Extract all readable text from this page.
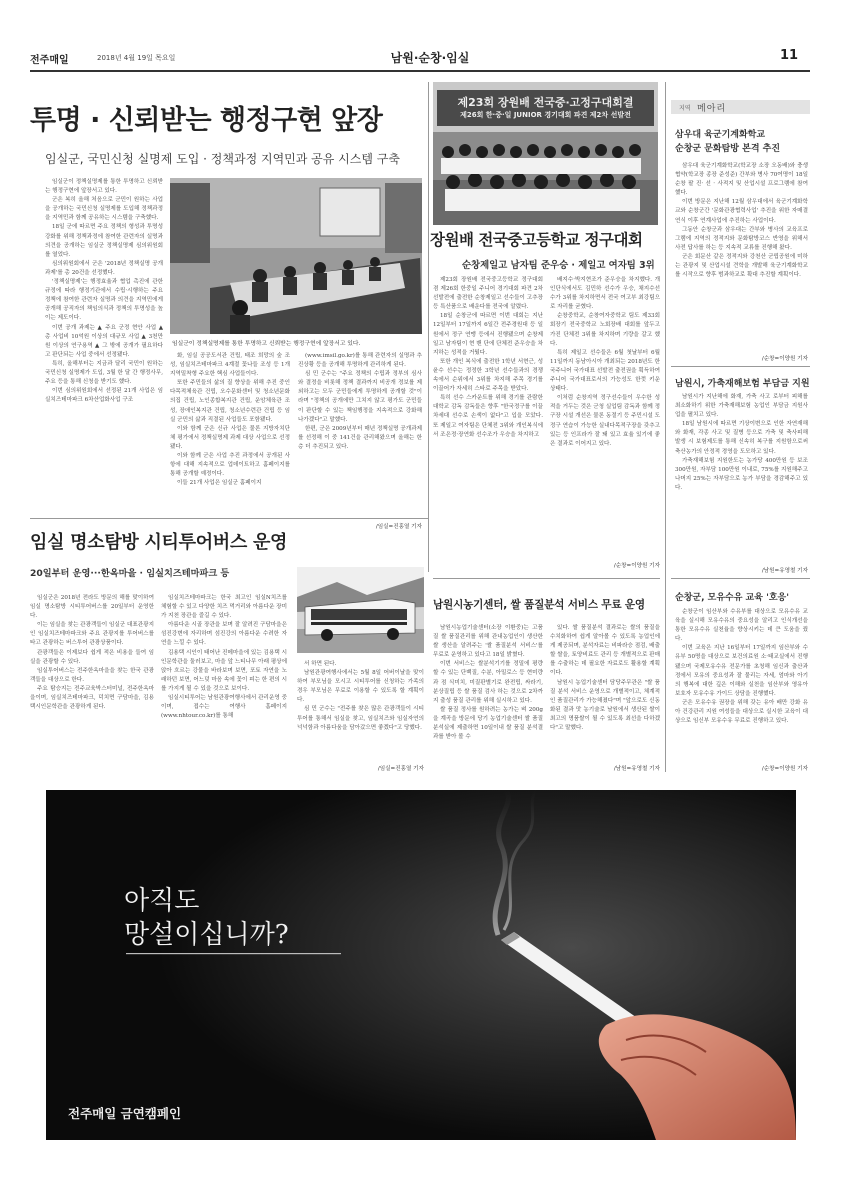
전주매일	2018년 4월 19일 목요일	남원·순창·임실	11
투명 · 신뢰받는 행정구현 앞장
임실군, 국민신청 실명제 도입 · 정책과정 지역민과 공유 시스템 구축

임실군이 정책실명제를 통한 투명하고 신뢰받는 행정구현에 앞장서고 있다.

군은 복히 올해 처음으로 군민이 원하는 사업을 공개하는 국민신청 실명제를 도입해 정책과정을 지역민과 함께 공유하는 시스템을 구축했다.

18일 군에 따르면 주요 정책의 형성과 투명성 강화를 위해 정책과정에 참여한 관련자의 실명과 의견을 공개하는 임실군 정책실명제 심의위원회를 열었다.

심의위원회에서 군은 '2018년 정책실명 공개과제'를 총 20건을 선정했다.

'정책실명제'는 행정효율과 협업 촉진에 관한 규정에 따라 행정기관에서 수립·시행하는 주요 정책에 참여한 관련자 실명과 의견을 지역민에게 공개해 공직자의 책임의식과 정책의 투명성을 높이는 제도이다.

이번 공개 과제는 ▲ 주요 군정 현안 사업 ▲ 총 사업비 10억원 이상의 대규모 사업 ▲ 3천만원 이상의 연구용역 ▲ 그 밖에 공개가 필요하다고 판단되는 사업 중에서 선정됐다.

특히, 올해부터는 지금과 달리 국민이 원하는 국민신청 실명제가 도입, 3월 한 달 간 행정사무, 주요 등을 통해 신청을 받기도 했다.

이번 심의위원회에서 선정된 21개 사업은 임실치즈테마파크 6차산업화사업 구조

임실군이 정책실명제를 통한 투명하고 신뢰받는 행정구현에 앞장서고 있다.

화, 임실 공공도서관 건립, 태조 희망의 숲 조성, 임실치즈테마파크 4계절 꽃나들 조성 등 1개 지역밀착형 주요한 핵심 사업들이다.

또한 주민들의 삶의 질 향상을 위해 추진 중인 다목적체육관 건립, 오수문화센터 및 청소년문화의집 건립, 노인종합복지관 건립, 운암체육관 조성, 장애인복지관 건립, 청소년수련관 건립 등 임실 군민의 삶과 직결된 사업들도 포함됐다.

이와 함께 군은 신규 사업은 물론 지방자치단체 평가에서 정책실명제 과제 대상 사업으로 선정됐다.

이와 함께 군은 사업 추진 과정에서 공개된 사항에 대해 지속적으로 업데이트하고 홈페이지를 통해 공개할 예정이다.

이들 21개 사업은 임실군 홈페이지

(www.imsil.go.kr)를 통해 관련자의 실명과 추진상황 등을 공개해 투명하게 관리하게 된다.

심 민 군수는 "주요 정책의 수립과 정부의 심사와 결정을 비롯해 정책 결과까지 비공개 정보를 제외하고는 모두 군민들에게 투명하게 공개할 것"이라며 "정책의 공개에만 그치지 않고 평가도 군민들이 판단할 수 있는 책임행정을 지속적으로 강화해 나가겠다"고 말했다.

한편, 군은 2009년부터 매년 정책실명 공개과제를 선정해 이 중 141건을 관리해왔으며 올해는 한층 더 추진되고 있다.

/임실=진홍열 기자
제23회 장원배 전국중·고정구대회결
제26회 한·중·일 JUNIOR 경기대회 파견 제2차 선발전
장원배 전국중고등학교 정구대회
순창제일고 남자팀 준우승 · 제일고 여자팀 3위

제23회 장원배 전국중고등학교 정구대회 겸 제26회 한중일 주니어 경기대회 파견 2차 선발전에 출전한 순창제일고 선수들이 고추장 등 특산품으로 배운다를 전국에 알렸다.

18일 순창군에 따르면 이번 대회는 지난 12일부터 17일까지 6일간 전주경원대 등 일원에서 정구 연맹 등에서 진행됐으며 순창제일고 남자팀이 현 밴 단에 단체전 준우승을 차지하는 성적을 거뒀다.

또한 개인 복식에 출전한 1학년 서현근, 성윤수 선수는 정정한 3학년 선수들과의 경쟁 속에서 순위에서 3위를 차지해 주목 경기를 이끌어가 자세히 스타로 주목을 받았다.

특히 선수 스카운트를 위해 경기를 관람한 대학교 감독 감독들은 향후 "한국정구를 이끌 차세대 선수로 손색이 없다"고 입을 모았다. 또 제일고 여자팀은 단체전 3위와 개인복식에서 조은정·장연화 선수조가 우승을 차지하고

배지수·박지현조가 준우승을 차지했다. 개인단식에서도 김민하 선수가 우승, 채지수선수가 3위를 차지하면서 전국 여고부 최강팀으로 자리를 굳혔다.

순창중학교, 순창여자중학교 팀도 제33회 회장기 전국중학교 노회장배 대회를 앞두고 가진 단체전 3위를 차지하며 기량을 갈고 했다.

특히 제일고 선수들은 6월 첫날부터 6월 11일까지 동남아시아 개최되는 2018년도 한국주니어 국가대표 선발전 출전권을 획득하여 주니어 국가대표로서의 가능성도 한껏 키운 상태다.

이처럼 순창지역 정구선수들이 우수한 성적을 거두는 것은 군청 실업팀 감독과 함께 정구장 시설 개선은 물론 동절기 등 주민시설 도 정구 연습이 가능한 실내다목적구장을 갖추고 있는 등 인프라가 잘 돼 있고 효율 있기에 좋은 결과로 이어지고 있다.

/순창=이양원 기자
지역 메아리
삼우대 육군기계화학교
순창군 문화탐방 본격 추진

삼우대 육군기계화학교(학교장 소장 오동배)와 충생협약(학교장 종장 준성준) 간부와 병사 70여명이 18일 순창 팔 진· 선 · 사적지 및 산업시설 프로그램에 참여했다.

이번 방문은 지난해 12월 삼우대에서 육군기계화학교와 순창군간 '문화관광협력사업' 추진을 위한 자매결연식 이후 연계사업에 추진하는 사업이다.

그동안 순창군과 삼우대는 간부와 병사의 교육프로그램에 지역의 정적지와 문화탐방코스 반영을 위해서 사전 답사를 하는 등 지속적 교류를 진행해 왔다.

군은 회문산 같은 정적지와 강천산 군립공원에 미하는 관광지 및 산업시설 견학을 개발해 육군기계화학교를 시작으로 향후 범과하교로 확대 추진할 계획이다.

/순창=이양원 기자
남원시, 가축재해보험 부담금 지원

남원시가 지난해에 화재, 가축 사고 로부터 피해를 최소화하기 위한 가축재해보험 농업인 부담금 지원사업을 펼치고 있다.

18일 남원시에 따르면 기상이변으로 인한 자연재해와 화재, 각종 사고 및 질병 등으로 가축 및 축사피해 발생 시 보험제도를 통해 신속히 복구를 지원함으로써 축산농가의 안정적 경영을 도모하고 있다.

가축재해보험 지원한도는 농가당 400만원 등 보조 300만원, 자부담 100만원 이내로, 75%를 지원해주고 나머지 25%는 자부담으로 농가 부담을 경감해주고 있다.

/남원=유영철 기자
순창군, 모유수유 교육 '호응'

순창군이 임산부와 수유부를 대상으로 모유수유 교육을 실시해 모유수유의 중요성을 알리고 인식개선을 통한 모유수유 실천율을 향상시키는 데 큰 도움을 줬다.

이번 교육은 지난 16일부터 17일까지 임산부와 수유부 50명을 대상으로 보건의료원 소·태교실에서 진행됐으며 국제모유수유 전문가를 초청해 임신과 출산과정에서 모유의 중요성과 잘 물리는 자세, 엄마와 아기의 행복에 대한 깊은 이해와 실천을 임산부와 영유아 보호자 모유수유 가이드 상담을 진행했다.

군은 모유수유 권장을 위해 갖는 유아 배만 강화 유아 건강관리 지원 여성들을 대상으로 실시한 교육이 대상으로 임신부 모유수유 무료로 진행하고 있다.

/순창=이양원 기자
임실 명소탐방 시티투어버스 운영
20일부터 운영···한옥마을 · 임실치즈테마파크 등

임실군은 2018년 전라도 방문의 해를 맞이하여 임실 명소탐방 시티투어버스를 20일부터 운영한다.

이는 임실을 찾는 관광객들이 임실군 대표관광지인 임실치즈테마파크와 주요 관광지를 투어버스를 타고 관광하는 버스투어 관광상품이다.

관광객들은 이제보다 쉽게 적은 비용을 들여 임실을 관광할 수 있다.

임실투어버스는 전주한옥마을을 찾는 한국 관광객들을 대상으로 한다.

주요 탐승지는 전주교육박스터미널, 전주한옥마을이며, 임실치즈테마파크, 덕치면 구담마을, 김용택시인문학관을 관광하게 된다.

임실치즈테마파크는 한국 최고인 임실N치즈를 체험할 수 있고 다양한 치즈 먹거리와 아름다운 장미 가 지천 장관을 즐길 수 있다.

아름다운 시골 장관을 보며 잘 알려진 구담마을은 섬진강변에 자리하며 섬진강의 아름다운 수려한 자연을 느낄 수 있다.

김용택 시인이 태어난 진메마을에 있는 김용택 시인문학관을 둘러보고, 마을 앞 느티나무 아래 평상에 앉아 흐르는 강물을 바라보며 보면, 포토 자연을 노래하던 보면, 어느덧 마음 속에 꽃이 피는 한 편의 시를 가지게 될 수 있을 것으로 보이다.

임실시티투어는 남원관광여행사에서 관리운영 중이며, 접수는 여행사 홈페이지(www.nhtour.co.kr)를 통해

서 하면 된다.

남원관광여행사에서는 5월 8일 어버이날을 맞이하여 부모님을 모시고 시티투어를 신청하는 가족의 경우 부모님은 무료로 이용할 수 있도록 할 계획이다.

심 민 군수는 "전주를 찾은 많은 관광객들이 시티투어를 통해서 임실을 찾고, 임실치즈와 임실자연의 넉넉함과 아름다움을 담아갔으면 좋겠다"고 당했다.

/임실=진홍열 기자
남원시농기센터, 쌀 품질분석 서비스 무료 운영

남원시농업기술센터(소장 이환중)는 고품질 쌀 품질관리를 위해 관내농업인이 생산한 쌀 생산을 알려주는 '쌀 품질분석 서비스'를 무료로 운영하고 있다고 18일 밝혔다.

이번 서비스는 쌀분석기기를 정밀에 평량할 수 있는 단백질, 수분, 아밀로스 등 현미량과 점 식미치, 미질판별기로 완전립, 싸라기, 분상질립 등 쌀 품질 검사 하는 것으로 2차까지 출성 품질 관리를 위해 실시하고 있다.

쌀 품질 정사를 원하려는 농가는 벼 200g을 계곡을 방문에 당기 농업기술센터 쌀 품질 분석실에 제출하면 10일이내 쌀 품질 분석결과를 받아 볼 수

있다. 쌀 품질분석 결과로는 쌀의 품질을 수치화하여 쉽게 알아볼 수 있도록 농업인에게 제공되며, 분석자료는 비파라승 점검, 배출할 쌀을, 토양비료도 관리 등 개별적으로 판매를 수출하는 데 필요한 자료로도 활용할 계획이다.

남원시 농업기술센터 담당주무관은 "쌀 품질 분석 서비스 운영으로 개별적이고, 체계적인 품질관리가 가능해졌다"며 "앞으로도 신동화된 결과 맛 농기술로 남원에서 생산된 쌀이 최고의 명품쌀이 될 수 있도록 최선을 다하겠다"고 말했다.

/남원=유영철 기자
아직도
망설이십니까?
전주매일 금연캠페인
